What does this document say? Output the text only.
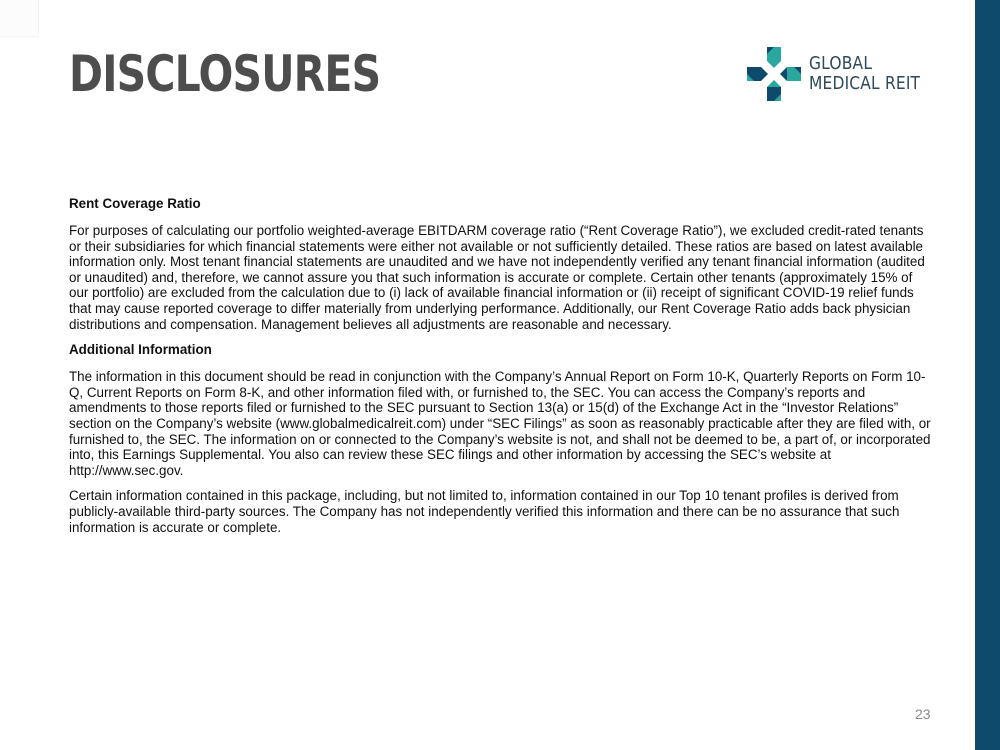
DISCLOSURES	GLOBAL
MEDICAL REIT
Rent Coverage Ratio

For purposes of calculating our portfolio weighted-average EBITDARM coverage ratio (“Rent Coverage Ratio”), we excluded credit-rated tenants or their subsidiaries for which financial statements were either not available or not sufficiently detailed. These ratios are based on latest available information only. Most tenant financial statements are unaudited and we have not independently verified any tenant financial information (audited or unaudited) and, therefore, we cannot assure you that such information is accurate or complete. Certain other tenants (approximately 15% of our portfolio) are excluded from the calculation due to (i) lack of available financial information or (ii) receipt of significant COVID-19 relief funds that may cause reported coverage to differ materially from underlying performance. Additionally, our Rent Coverage Ratio adds back physician distributions and compensation. Management believes all adjustments are reasonable and necessary.

Additional Information

The information in this document should be read in conjunction with the Company’s Annual Report on Form 10-K, Quarterly Reports on Form 10-Q, Current Reports on Form 8-K, and other information filed with, or furnished to, the SEC. You can access the Company’s reports and amendments to those reports filed or furnished to the SEC pursuant to Section 13(a) or 15(d) of the Exchange Act in the “Investor Relations” section on the Company’s website (www.globalmedicalreit.com) under “SEC Filings” as soon as reasonably practicable after they are filed with, or furnished to, the SEC. The information on or connected to the Company’s website is not, and shall not be deemed to be, a part of, or incorporated into, this Earnings Supplemental. You also can review these SEC filings and other information by accessing the SEC’s website at http://www.sec.gov.

Certain information contained in this package, including, but not limited to, information contained in our Top 10 tenant profiles is derived from publicly-available third-party sources. The Company has not independently verified this information and there can be no assurance that such information is accurate or complete.

23
